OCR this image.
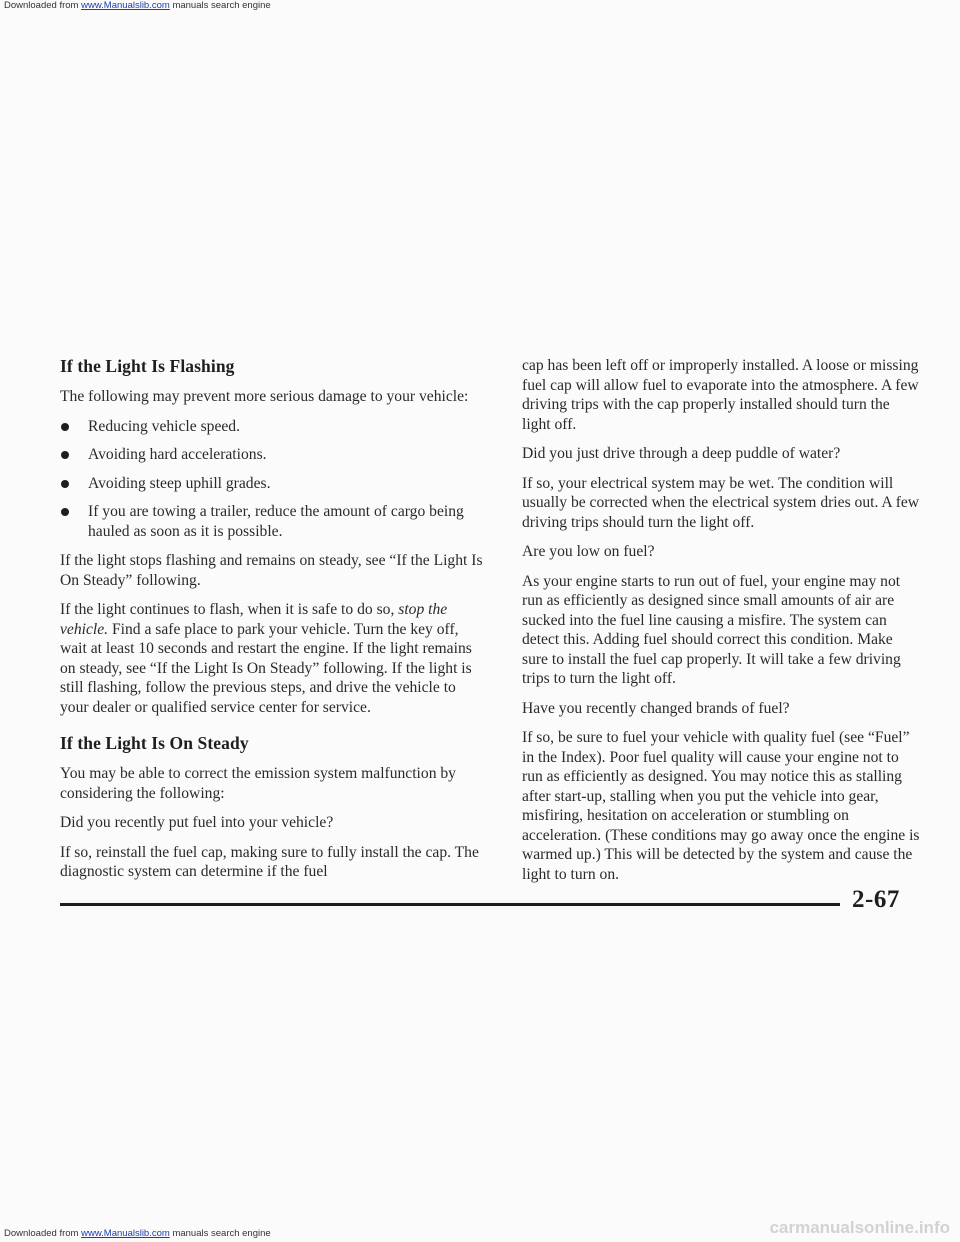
Downloaded from www.Manualslib.com manuals search engine
If the Light Is Flashing

The following may prevent more serious damage to your vehicle:

Reducing vehicle speed.
Avoiding hard accelerations.
Avoiding steep uphill grades.
If you are towing a trailer, reduce the amount of cargo being hauled as soon as it is possible.

If the light stops flashing and remains on steady, see “If the Light Is On Steady” following.

If the light continues to flash, when it is safe to do so, stop the vehicle. Find a safe place to park your vehicle. Turn the key off, wait at least 10 seconds and restart the engine. If the light remains on steady, see “If the Light Is On Steady” following. If the light is still flashing, follow the previous steps, and drive the vehicle to your dealer or qualified service center for service.

If the Light Is On Steady

You may be able to correct the emission system malfunction by considering the following:

Did you recently put fuel into your vehicle?

If so, reinstall the fuel cap, making sure to fully install the cap. The diagnostic system can determine if the fuel

cap has been left off or improperly installed. A loose or missing fuel cap will allow fuel to evaporate into the atmosphere. A few driving trips with the cap properly installed should turn the light off.

Did you just drive through a deep puddle of water?

If so, your electrical system may be wet. The condition will usually be corrected when the electrical system dries out. A few driving trips should turn the light off.

Are you low on fuel?

As your engine starts to run out of fuel, your engine may not run as efficiently as designed since small amounts of air are sucked into the fuel line causing a misfire. The system can detect this. Adding fuel should correct this condition. Make sure to install the fuel cap properly. It will take a few driving trips to turn the light off.

Have you recently changed brands of fuel?

If so, be sure to fuel your vehicle with quality fuel (see “Fuel” in the Index). Poor fuel quality will cause your engine not to run as efficiently as designed. You may notice this as stalling after start-up, stalling when you put the vehicle into gear, misfiring, hesitation on acceleration or stumbling on acceleration. (These conditions may go away once the engine is warmed up.) This will be detected by the system and cause the light to turn on.

2-67
Downloaded from www.Manualslib.com manuals search engine	carmanualsonline.info
